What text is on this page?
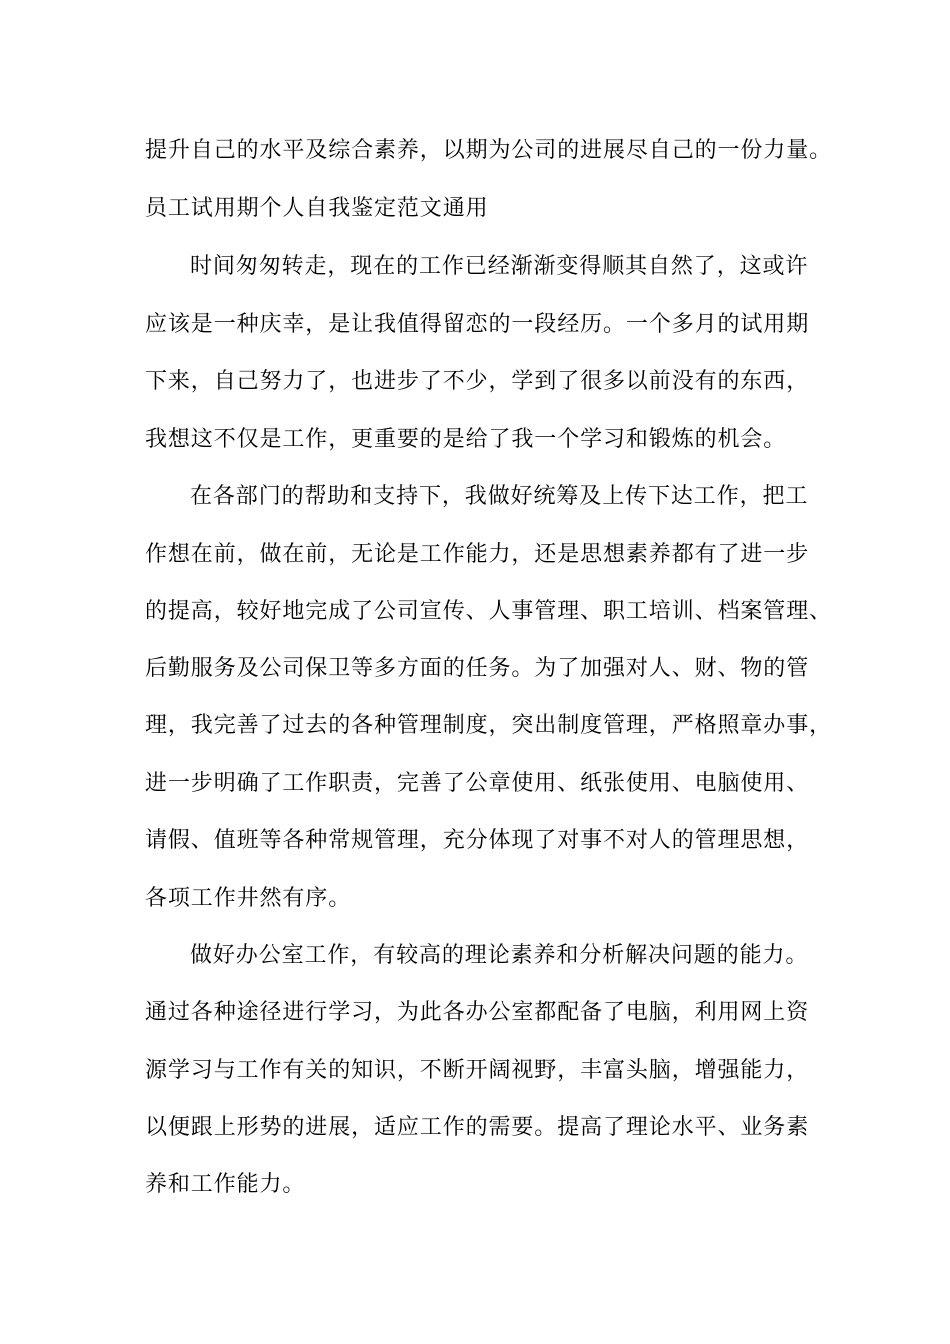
提升自己的水平及综合素养，以期为公司的进展尽自己的一份力量。
员工试用期个人自我鉴定范文通用
时间匆匆转走，现在的工作已经渐渐变得顺其自然了，这或许
应该是一种庆幸，是让我值得留恋的一段经历。一个多月的试用期
下来，自己努力了，也进步了不少，学到了很多以前没有的东西，
我想这不仅是工作，更重要的是给了我一个学习和锻炼的机会。
在各部门的帮助和支持下，我做好统筹及上传下达工作，把工
作想在前，做在前，无论是工作能力，还是思想素养都有了进一步
的提高，较好地完成了公司宣传、人事管理、职工培训、档案管理、
后勤服务及公司保卫等多方面的任务。为了加强对人、财、物的管
理，我完善了过去的各种管理制度，突出制度管理，严格照章办事，
进一步明确了工作职责，完善了公章使用、纸张使用、电脑使用、
请假、值班等各种常规管理，充分体现了对事不对人的管理思想，
各项工作井然有序。
做好办公室工作，有较高的理论素养和分析解决问题的能力。
通过各种途径进行学习，为此各办公室都配备了电脑，利用网上资
源学习与工作有关的知识，不断开阔视野，丰富头脑，增强能力，
以便跟上形势的进展，适应工作的需要。提高了理论水平、业务素
养和工作能力。
